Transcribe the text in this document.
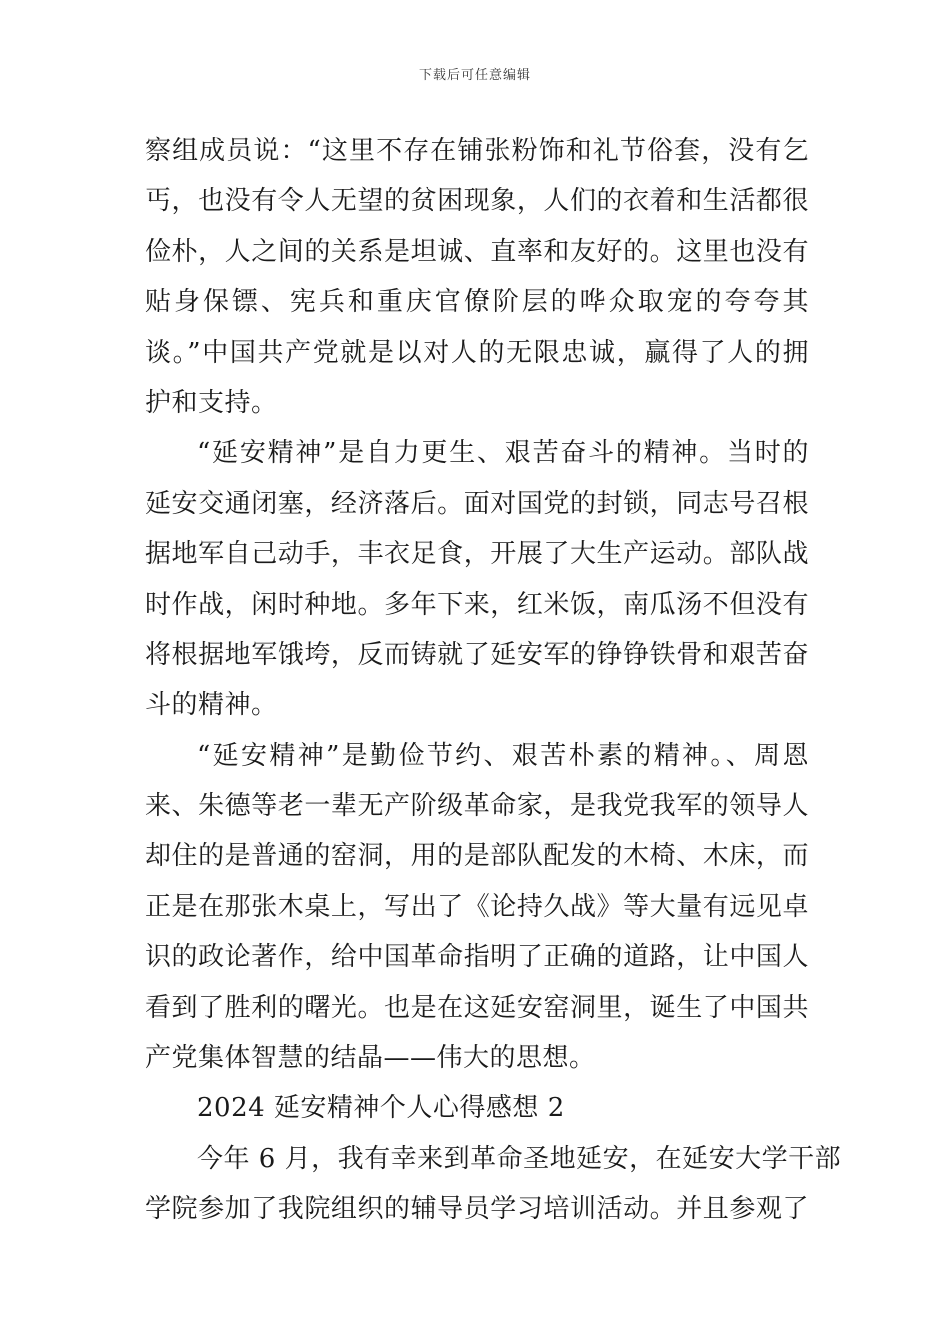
下载后可任意编辑
察组成员说：“这里不存在铺张粉饰和礼节俗套，没有乞
丐，也没有令人无望的贫困现象，人们的衣着和生活都很
俭朴，人之间的关系是坦诚、直率和友好的。这里也没有
贴身保镖、宪兵和重庆官僚阶层的哗众取宠的夸夸其
谈。”中国共产党就是以对人的无限忠诚，赢得了人的拥
护和支持。
“延安精神”是自力更生、艰苦奋斗的精神。当时的
延安交通闭塞，经济落后。面对国党的封锁，同志号召根
据地军自己动手，丰衣足食，开展了大生产运动。部队战
时作战，闲时种地。多年下来，红米饭，南瓜汤不但没有
将根据地军饿垮，反而铸就了延安军的铮铮铁骨和艰苦奋
斗的精神。
“延安精神”是勤俭节约、艰苦朴素的精神。、周恩
来、朱德等老一辈无产阶级革命家，是我党我军的领导人
却住的是普通的窑洞，用的是部队配发的木椅、木床，而
正是在那张木桌上，写出了《论持久战》等大量有远见卓
识的政论著作，给中国革命指明了正确的道路，让中国人
看到了胜利的曙光。也是在这延安窑洞里，诞生了中国共
产党集体智慧的结晶——伟大的思想。
2024 延安精神个人心得感想 2
今年 6 月，我有幸来到革命圣地延安，在延安大学干部
学院参加了我院组织的辅导员学习培训活动。并且参观了
